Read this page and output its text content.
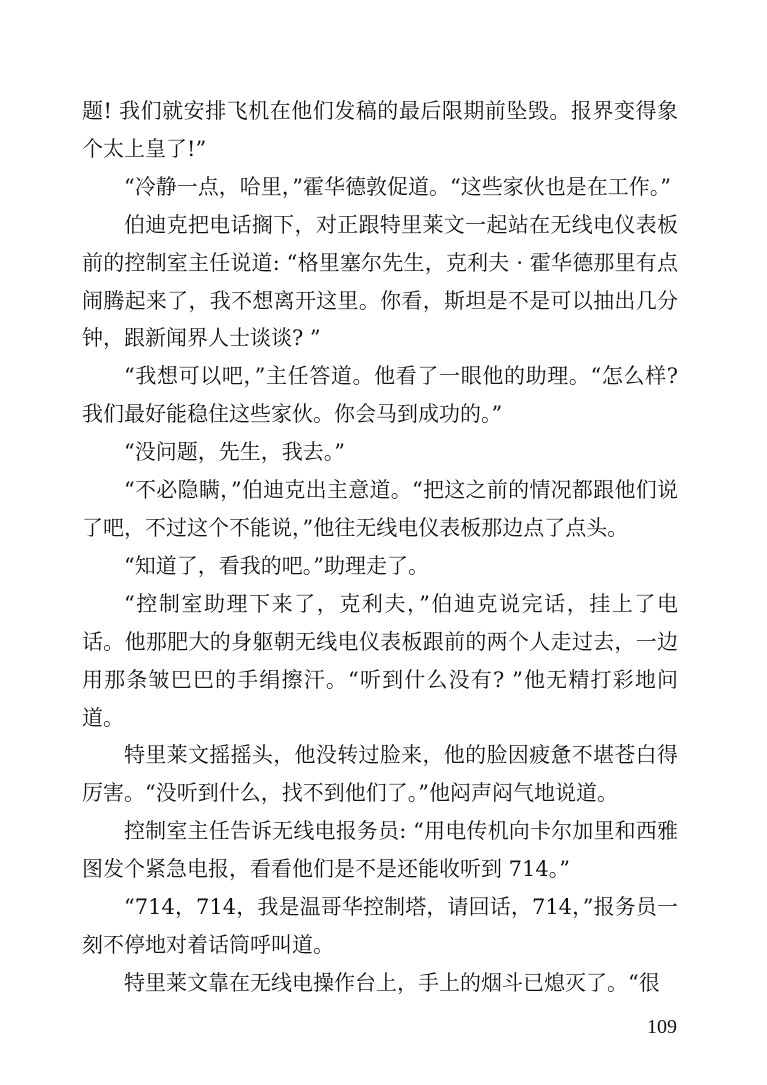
题! 我们就安排飞机在他们发稿的最后限期前坠毁。报界变得象个太上皇了!”

“冷静一点，哈里，”霍华德敦促道。“这些家伙也是在工作。”

伯迪克把电话搁下，对正跟特里莱文一起站在无线电仪表板前的控制室主任说道: “格里塞尔先生，克利夫 · 霍华德那里有点闹腾起来了，我不想离开这里。你看，斯坦是不是可以抽出几分钟，跟新闻界人士谈谈? ”

“我想可以吧，”主任答道。他看了一眼他的助理。“怎么样? 我们最好能稳住这些家伙。你会马到成功的。”

“没问题，先生，我去。”

“不必隐瞒，”伯迪克出主意道。“把这之前的情况都跟他们说了吧，不过这个不能说，”他往无线电仪表板那边点了点头。

“知道了，看我的吧。”助理走了。

“控制室助理下来了，克利夫，”伯迪克说完话，挂上了电话。他那肥大的身躯朝无线电仪表板跟前的两个人走过去，一边用那条皱巴巴的手绢擦汗。“听到什么没有? ”他无精打彩地问道。

特里莱文摇摇头，他没转过脸来，他的脸因疲惫不堪苍白得厉害。“没听到什么，找不到他们了。”他闷声闷气地说道。

控制室主任告诉无线电报务员: “用电传机向卡尔加里和西雅图发个紧急电报，看看他们是不是还能收听到 714。”

“714，714，我是温哥华控制塔，请回话，714，”报务员一刻不停地对着话筒呼叫道。

特里莱文靠在无线电操作台上，手上的烟斗已熄灭了。“很

109
